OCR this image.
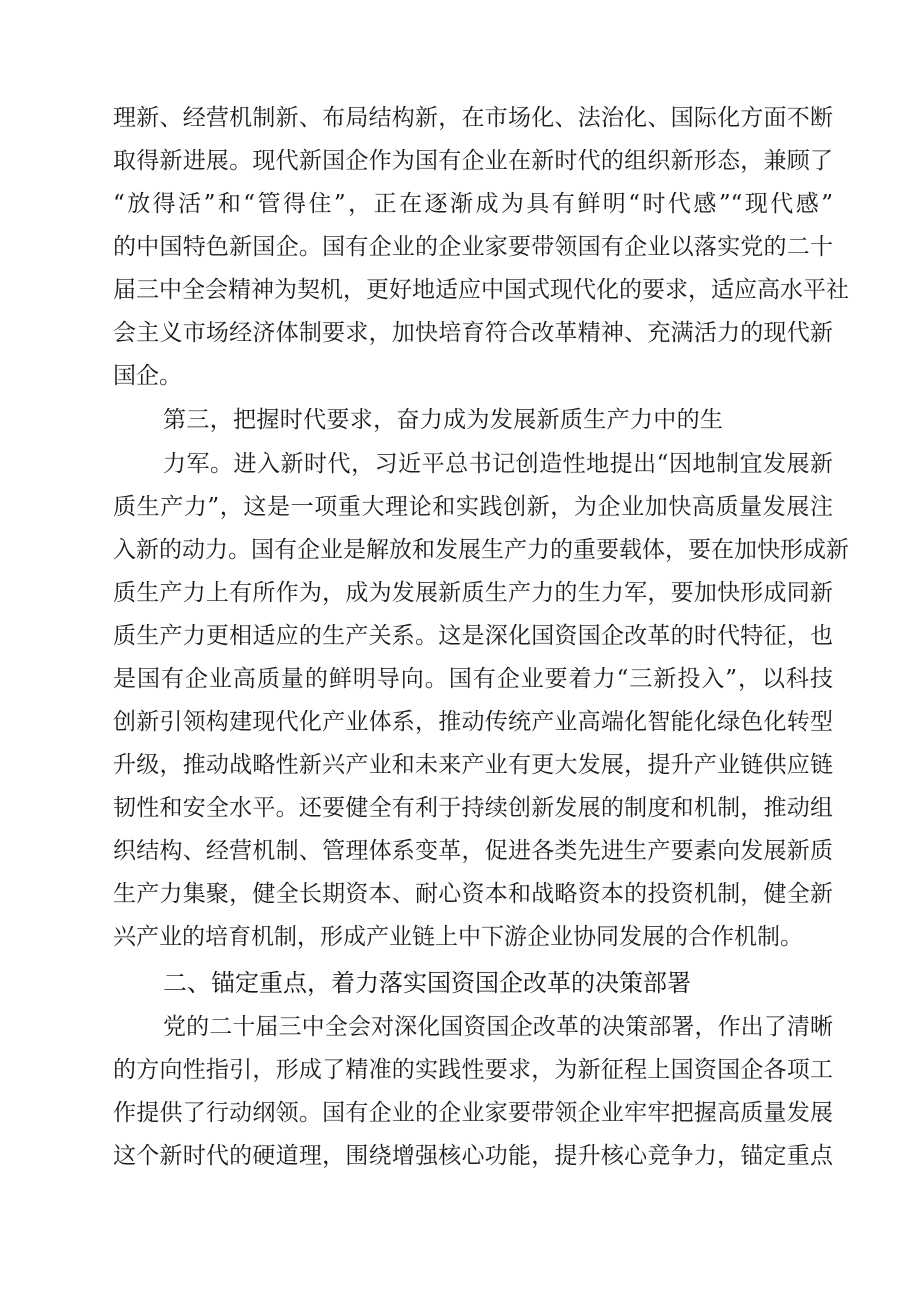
理新、经营机制新、布局结构新，在市场化、法治化、国际化方面不断
取得新进展。现代新国企作为国有企业在新时代的组织新形态，兼顾了
“放得活”和“管得住”，正在逐渐成为具有鲜明“时代感”“现代感”
的中国特色新国企。国有企业的企业家要带领国有企业以落实党的二十
届三中全会精神为契机，更好地适应中国式现代化的要求，适应高水平社
会主义市场经济体制要求，加快培育符合改革精神、充满活力的现代新
国企。
第三，把握时代要求，奋力成为发展新质生产力中的生
力军。进入新时代，习近平总书记创造性地提出“因地制宜发展新
质生产力”，这是一项重大理论和实践创新，为企业加快高质量发展注
入新的动力。国有企业是解放和发展生产力的重要载体，要在加快形成新
质生产力上有所作为，成为发展新质生产力的生力军，要加快形成同新
质生产力更相适应的生产关系。这是深化国资国企改革的时代特征，也
是国有企业高质量的鲜明导向。国有企业要着力“三新投入”，以科技
创新引领构建现代化产业体系，推动传统产业高端化智能化绿色化转型
升级，推动战略性新兴产业和未来产业有更大发展，提升产业链供应链
韧性和安全水平。还要健全有利于持续创新发展的制度和机制，推动组
织结构、经营机制、管理体系变革，促进各类先进生产要素向发展新质
生产力集聚，健全长期资本、耐心资本和战略资本的投资机制，健全新
兴产业的培育机制，形成产业链上中下游企业协同发展的合作机制。
二、锚定重点，着力落实国资国企改革的决策部署
党的二十届三中全会对深化国资国企改革的决策部署，作出了清晰
的方向性指引，形成了精准的实践性要求，为新征程上国资国企各项工
作提供了行动纲领。国有企业的企业家要带领企业牢牢把握高质量发展
这个新时代的硬道理，围绕增强核心功能，提升核心竞争力，锚定重点
